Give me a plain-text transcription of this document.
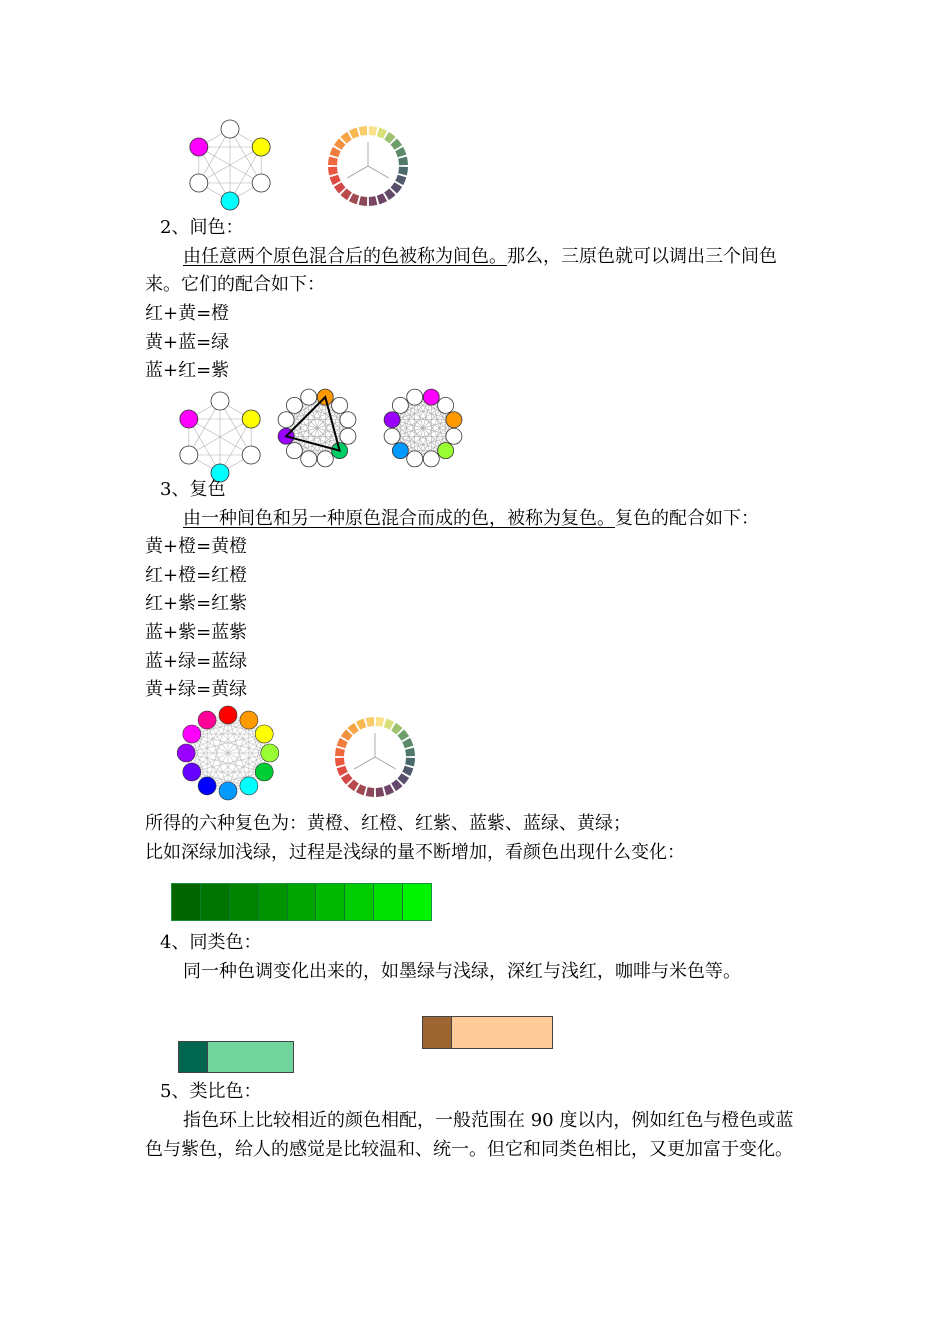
2、间色：
由任意两个原色混合后的色被称为间色。那么，三原色就可以调出三个间色
来。它们的配合如下：
红+黄=橙
黄+蓝=绿
蓝+红=紫
3、复色
由一种间色和另一种原色混合而成的色，被称为复色。复色的配合如下：
黄+橙=黄橙
红+橙=红橙
红+紫=红紫
蓝+紫=蓝紫
蓝+绿=蓝绿
黄+绿=黄绿
所得的六种复色为：黄橙、红橙、红紫、蓝紫、蓝绿、黄绿；
比如深绿加浅绿，过程是浅绿的量不断增加，看颜色出现什么变化：
4、同类色：
同一种色调变化出来的，如墨绿与浅绿，深红与浅红，咖啡与米色等。
5、类比色：
指色环上比较相近的颜色相配，一般范围在 90 度以内，例如红色与橙色或蓝
色与紫色，给人的感觉是比较温和、统一。但它和同类色相比，又更加富于变化。
